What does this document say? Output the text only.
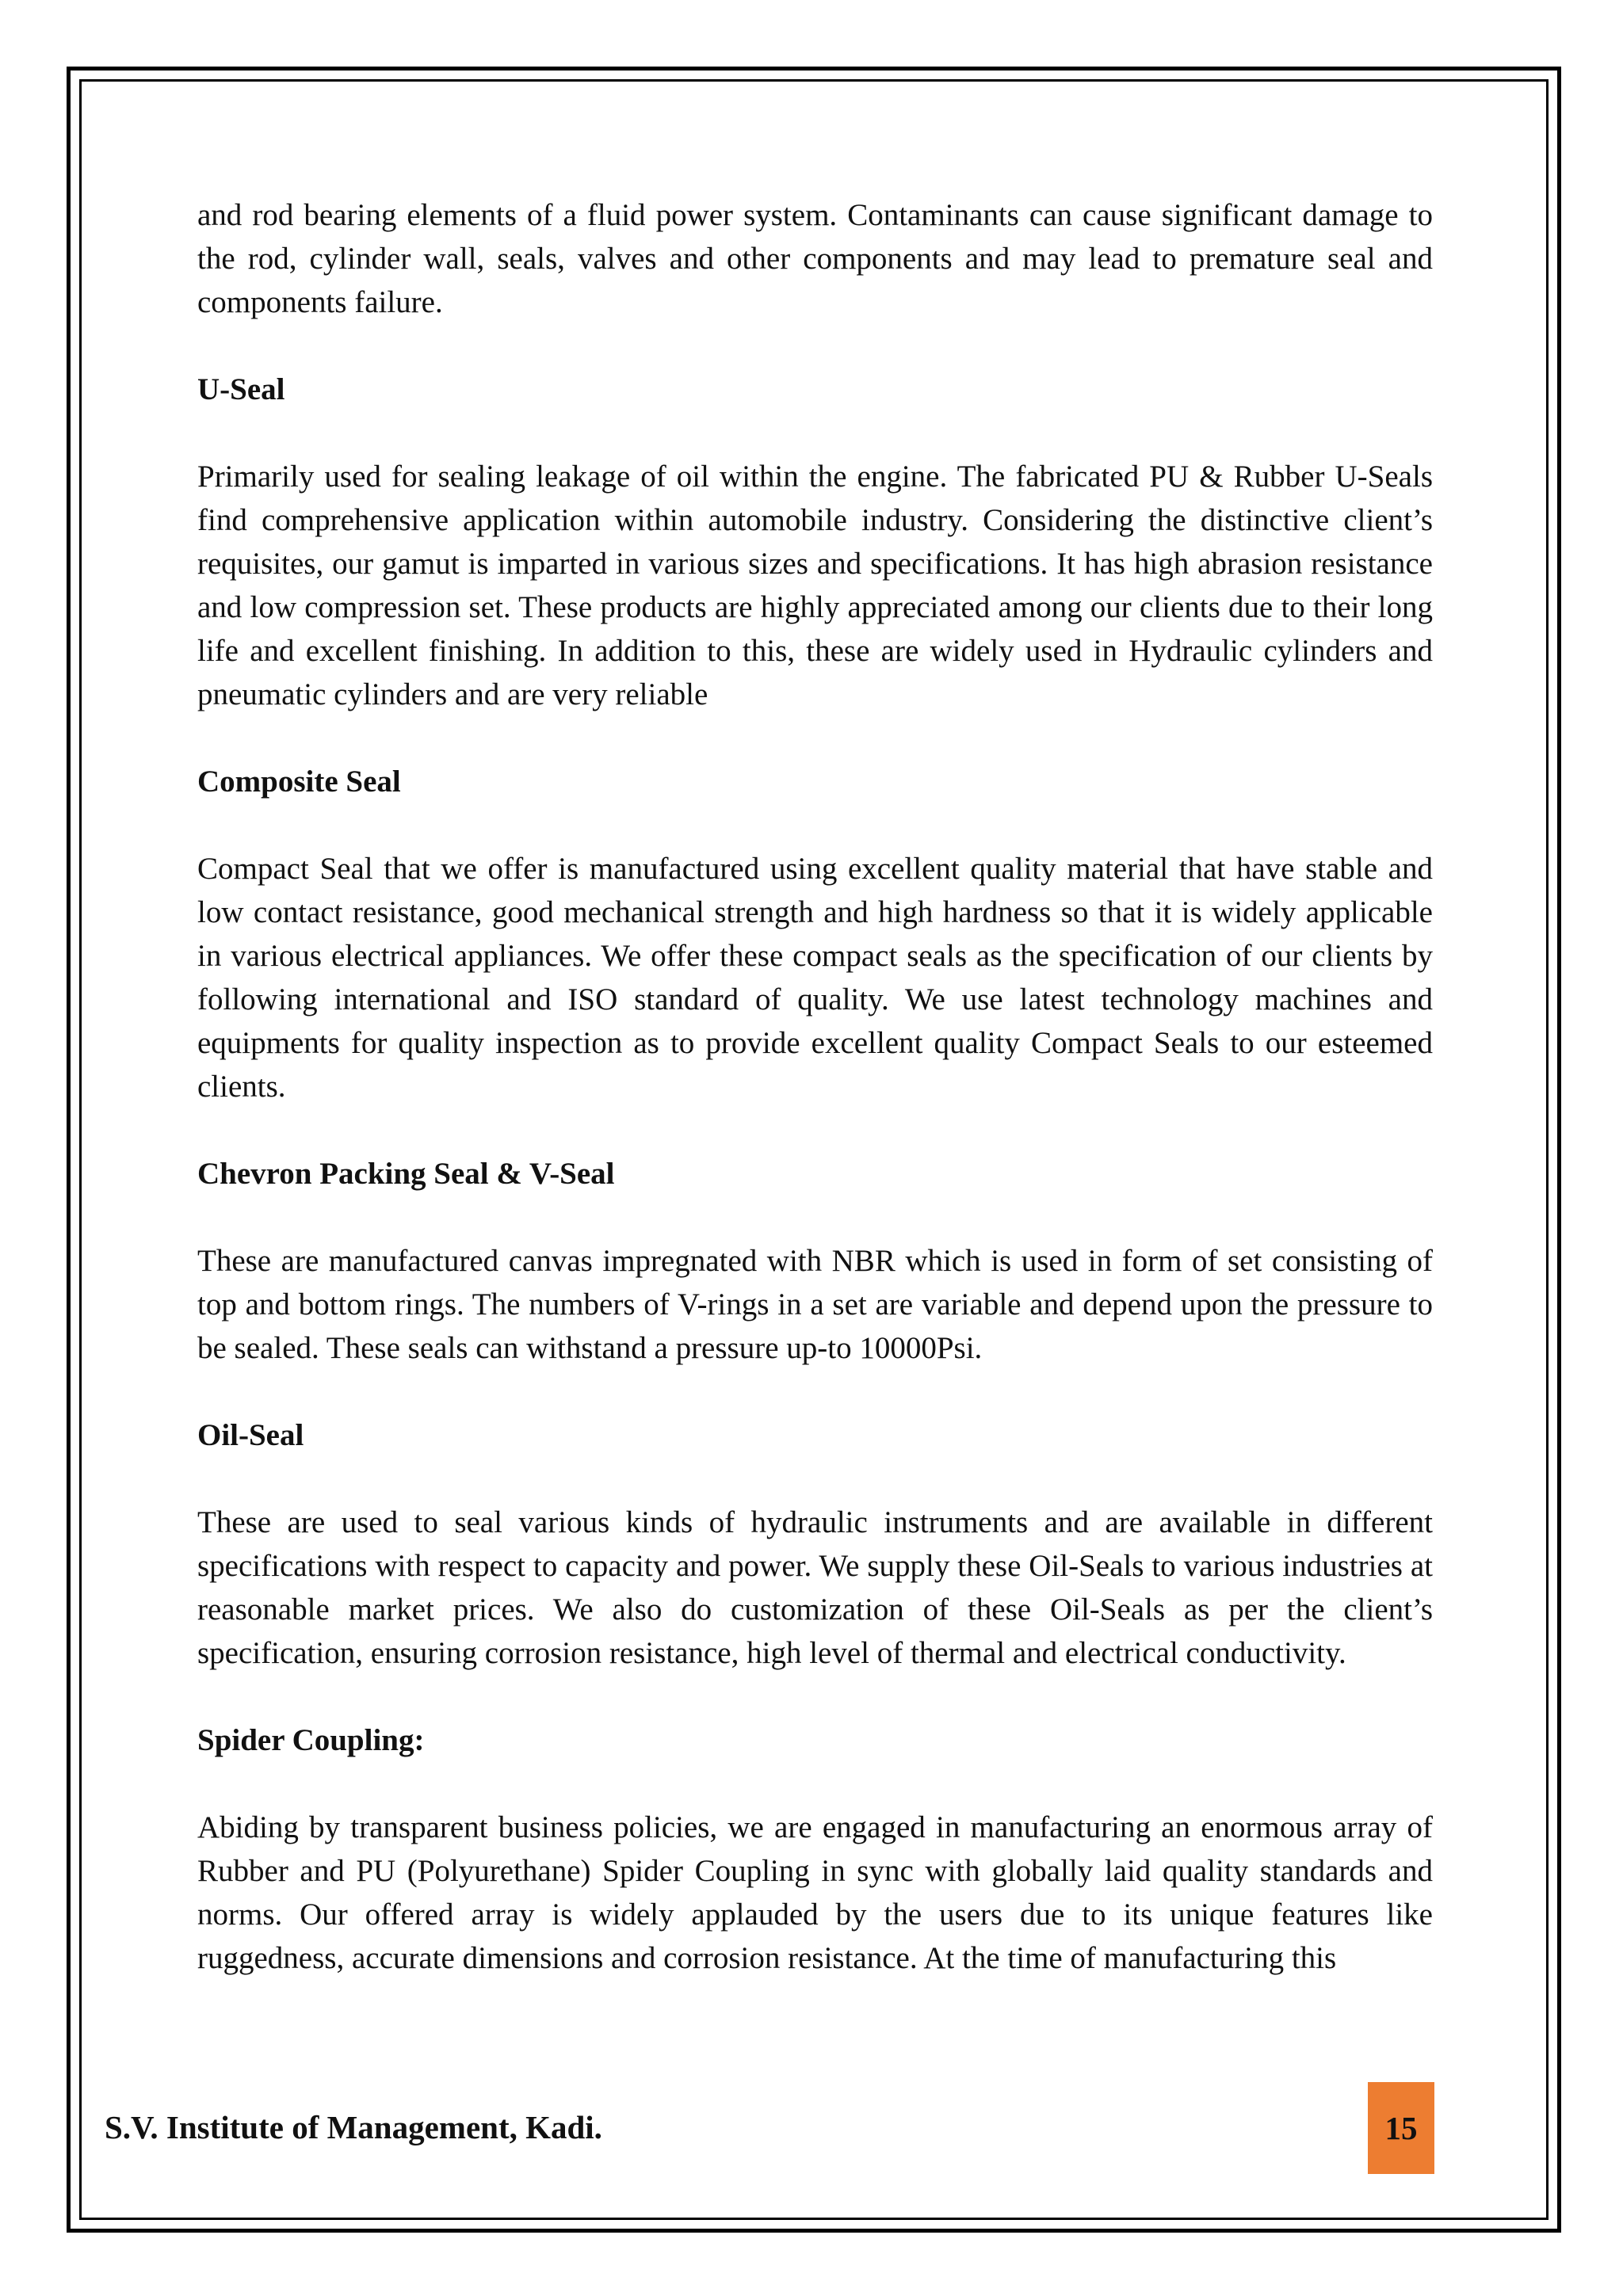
and rod bearing elements of a fluid power system. Contaminants can cause significant damage to the rod, cylinder wall, seals, valves and other components and may lead to premature seal and components failure.

U-Seal

Primarily used for sealing leakage of oil within the engine. The fabricated PU & Rubber U-Seals find comprehensive application within automobile industry. Considering the distinctive client’s requisites, our gamut is imparted in various sizes and specifications. It has high abrasion resistance and low compression set. These products are highly appreciated among our clients due to their long life and excellent finishing. In addition to this, these are widely used in Hydraulic cylinders and pneumatic cylinders and are very reliable

Composite Seal

Compact Seal that we offer is manufactured using excellent quality material that have stable and low contact resistance, good mechanical strength and high hardness so that it is widely applicable in various electrical appliances. We offer these compact seals as the specification of our clients by following international and ISO standard of quality. We use latest technology machines and equipments for quality inspection as to provide excellent quality Compact Seals to our esteemed clients.

Chevron Packing Seal & V-Seal

These are manufactured canvas impregnated with NBR which is used in form of set consisting of top and bottom rings. The numbers of V-rings in a set are variable and depend upon the pressure to be sealed. These seals can withstand a pressure up-to 10000Psi.

Oil-Seal

These are used to seal various kinds of hydraulic instruments and are available in different specifications with respect to capacity and power. We supply these Oil-Seals to various industries at reasonable market prices. We also do customization of these Oil-Seals as per the client’s specification, ensuring corrosion resistance, high level of thermal and electrical conductivity.

Spider Coupling:

Abiding by transparent business policies, we are engaged in manufacturing an enormous array of Rubber and PU (Polyurethane) Spider Coupling in sync with globally laid quality standards and norms. Our offered array is widely applauded by the users due to its unique features like ruggedness, accurate dimensions and corrosion resistance. At the time of manufacturing this

S.V. Institute of Management, Kadi.	15
